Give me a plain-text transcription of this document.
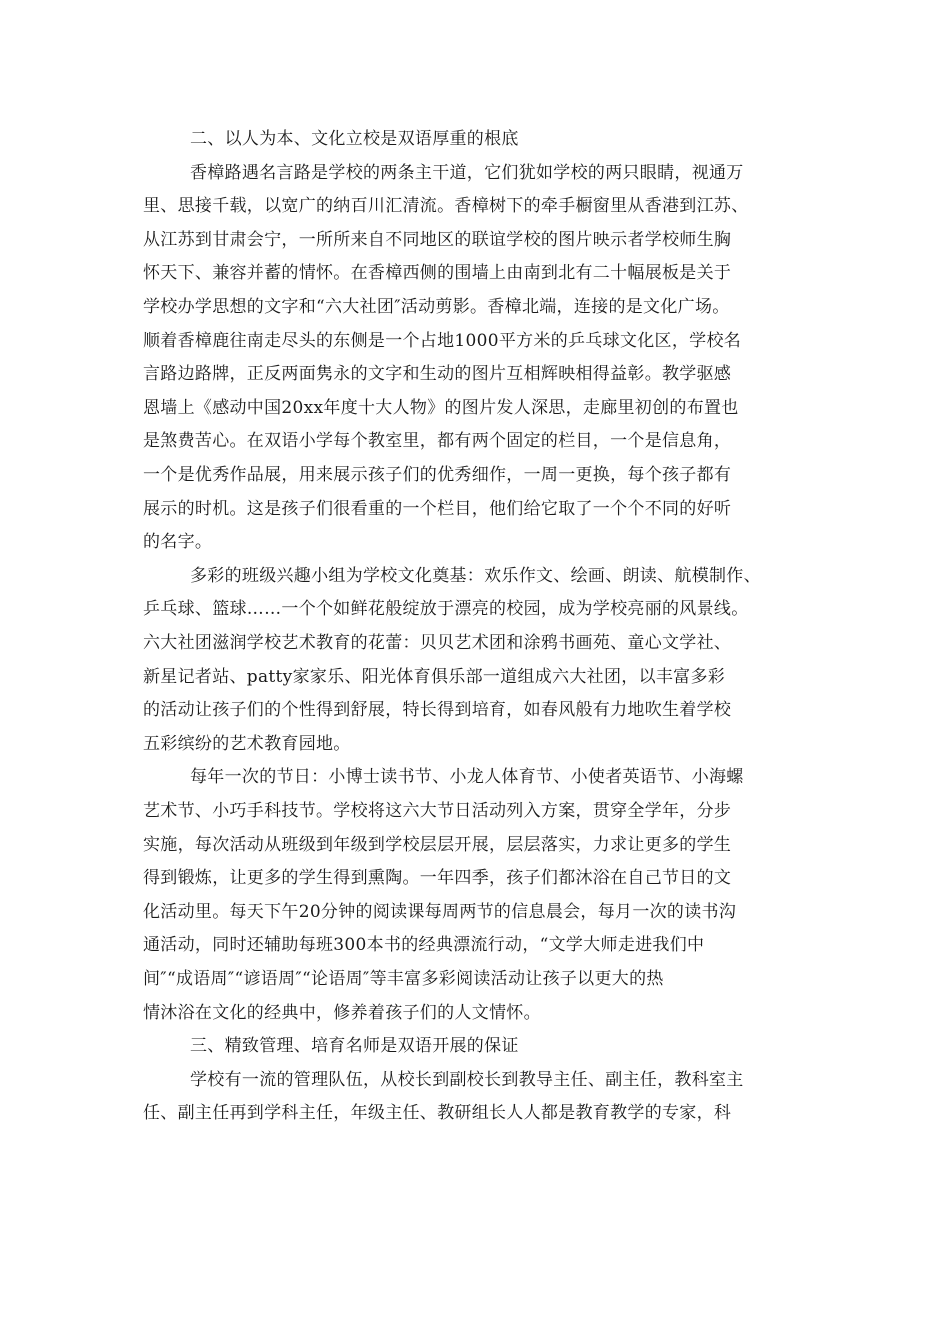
二、以人为本、文化立校是双语厚重的根底
香樟路遇名言路是学校的两条主干道，它们犹如学校的两只眼睛，视通万
里、思接千载，以宽广的纳百川汇清流。香樟树下的牵手橱窗里从香港到江苏、
从江苏到甘肃会宁，一所所来自不同地区的联谊学校的图片映示者学校师生胸
怀天下、兼容并蓄的情怀。在香樟西侧的围墙上由南到北有二十幅展板是关于
学校办学思想的文字和“六大社团″活动剪影。香樟北端，连接的是文化广场。
顺着香樟鹿往南走尽头的东侧是一个占地1000平方米的乒乓球文化区，学校名
言路边路牌，正反两面隽永的文字和生动的图片互相辉映相得益彰。教学驱感
恩墙上《感动中国20xx年度十大人物》的图片发人深思，走廊里初创的布置也
是煞费苦心。在双语小学每个教室里，都有两个固定的栏目，一个是信息角，
一个是优秀作品展，用来展示孩子们的优秀细作，一周一更换，每个孩子都有
展示的时机。这是孩子们很看重的一个栏目，他们给它取了一个个不同的好听
的名字。
多彩的班级兴趣小组为学校文化奠基：欢乐作文、绘画、朗读、航模制作、
乒乓球、篮球……一个个如鲜花般绽放于漂亮的校园，成为学校亮丽的风景线。
六大社团滋润学校艺术教育的花蕾：贝贝艺术团和涂鸦书画苑、童心文学社、
新星记者站、patty家家乐、阳光体育俱乐部一道组成六大社团，以丰富多彩
的活动让孩子们的个性得到舒展，特长得到培育，如春风般有力地吹生着学校
五彩缤纷的艺术教育园地。
每年一次的节日：小博士读书节、小龙人体育节、小使者英语节、小海螺
艺术节、小巧手科技节。学校将这六大节日活动列入方案，贯穿全学年，分步
实施，每次活动从班级到年级到学校层层开展，层层落实，力求让更多的学生
得到锻炼，让更多的学生得到熏陶。一年四季，孩子们都沐浴在自己节日的文
化活动里。每天下午20分钟的阅读课每周两节的信息晨会，每月一次的读书沟
通活动，同时还辅助每班300本书的经典漂流行动，“文学大师走进我们中
间″“成语周″“谚语周″“论语周″等丰富多彩阅读活动让孩子以更大的热
情沐浴在文化的经典中，修养着孩子们的人文情怀。
三、精致管理、培育名师是双语开展的保证
学校有一流的管理队伍，从校长到副校长到教导主任、副主任，教科室主
任、副主任再到学科主任，年级主任、教研组长人人都是教育教学的专家，科
